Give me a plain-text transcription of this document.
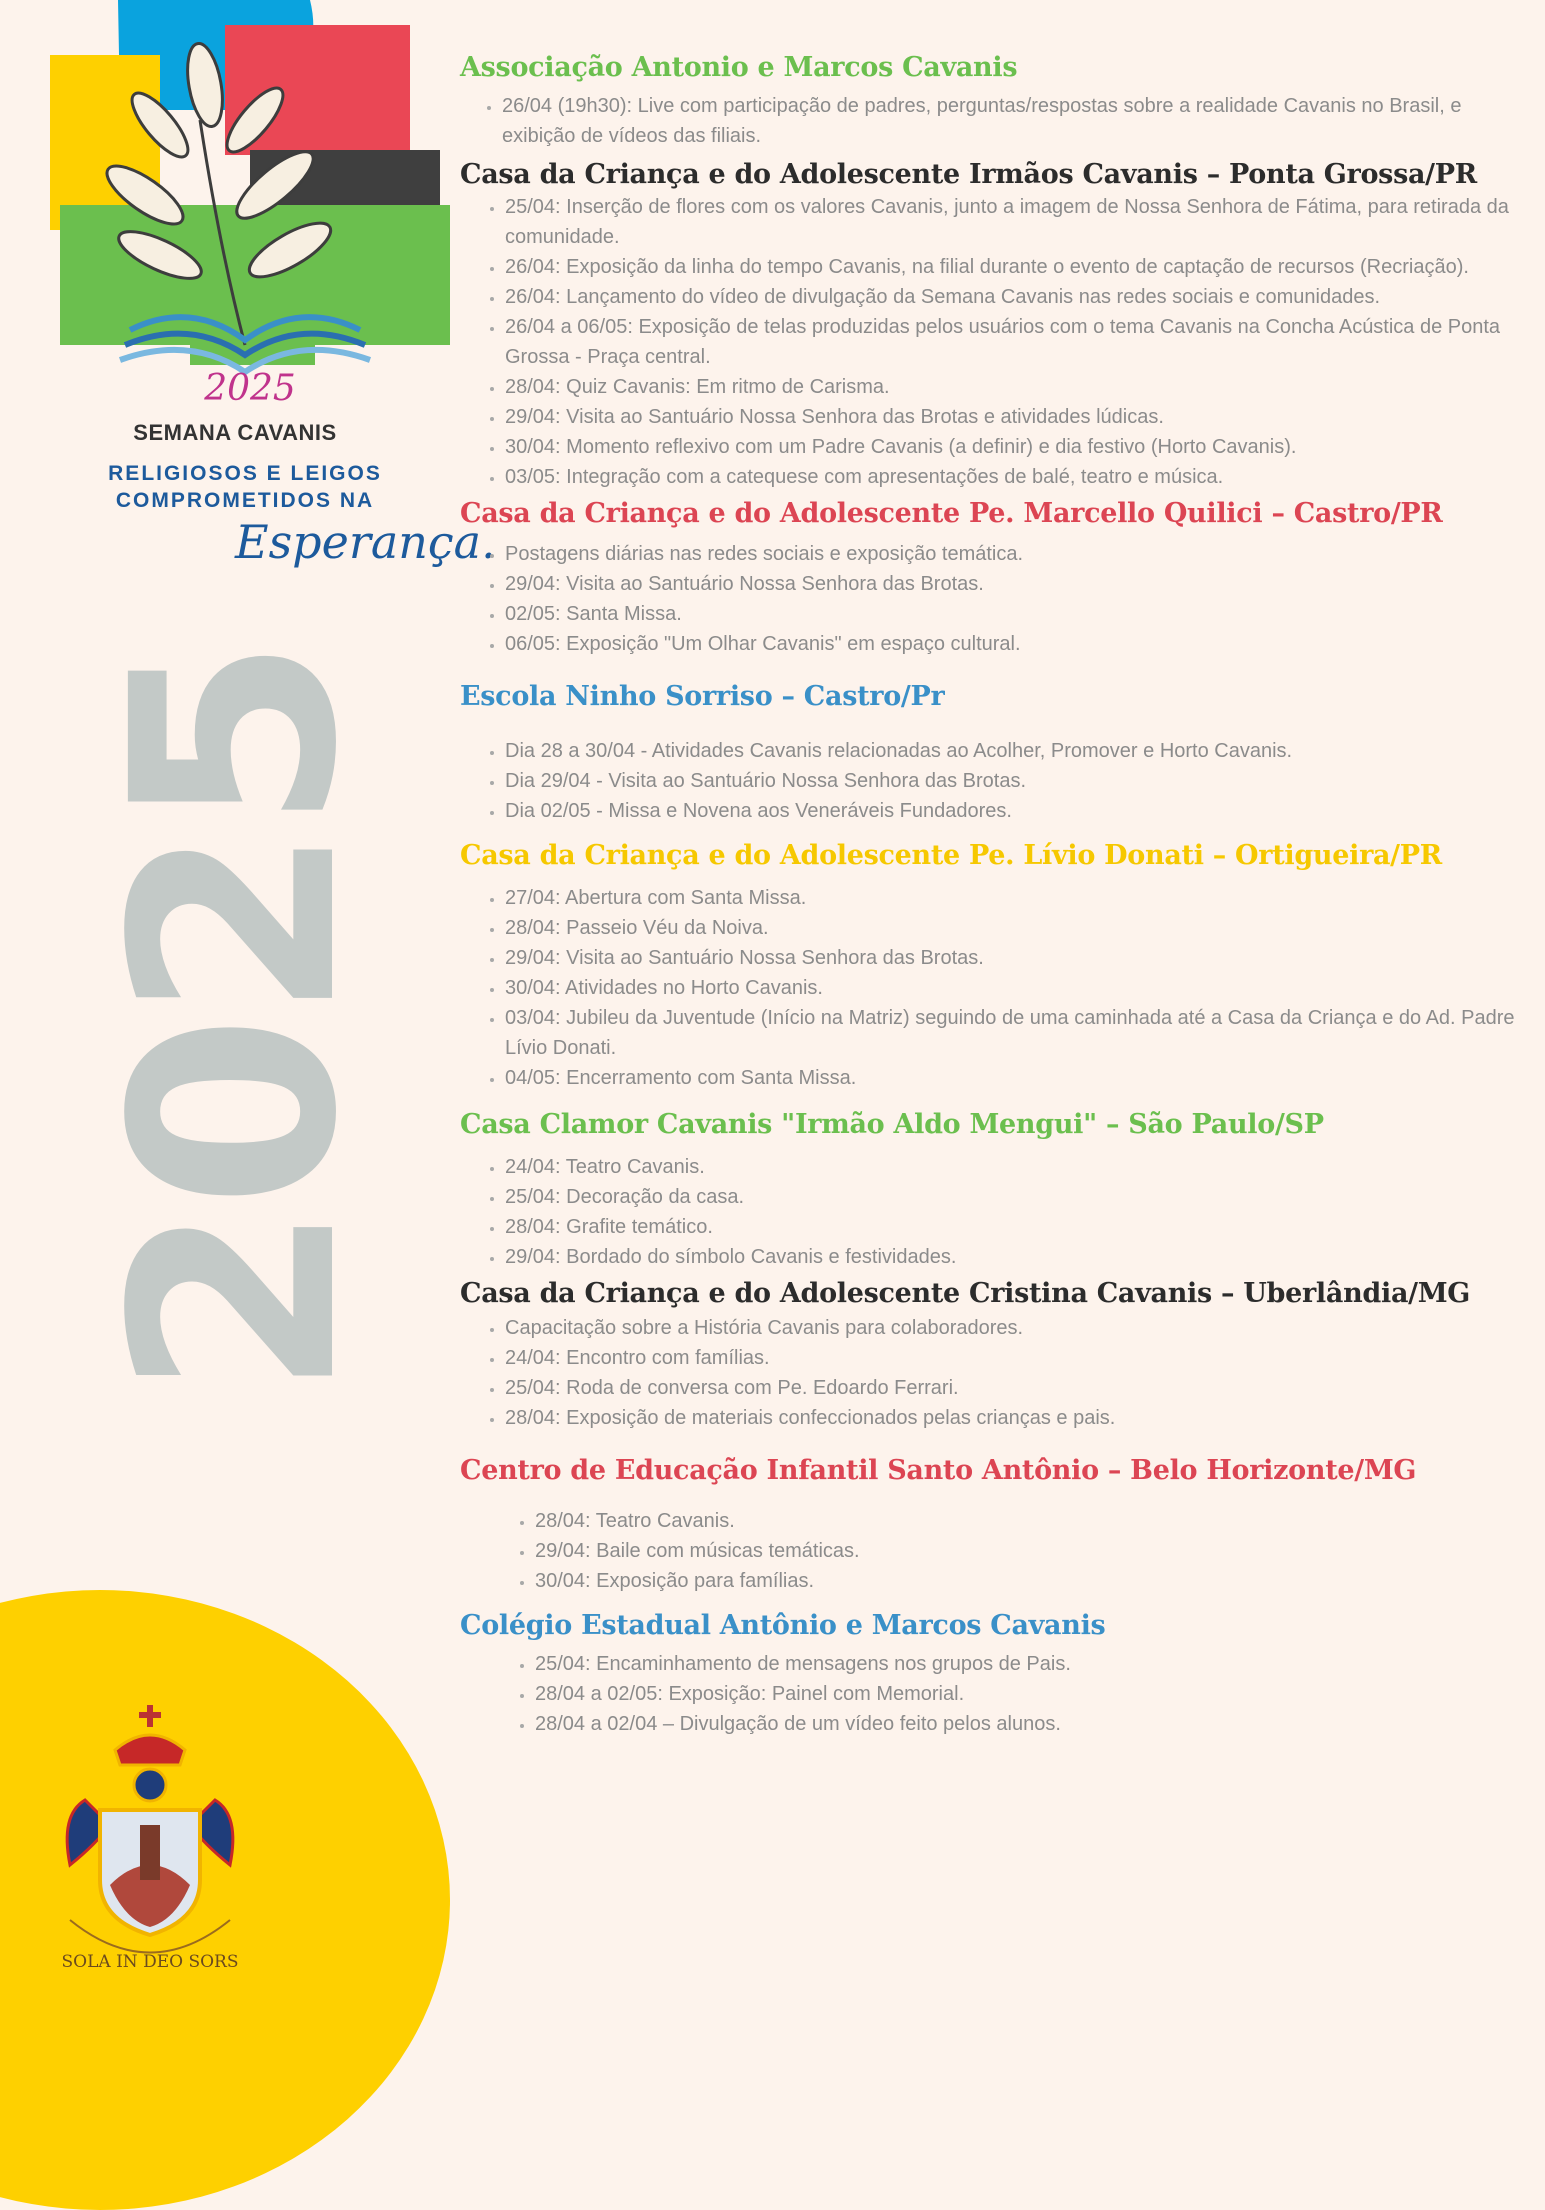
2025
SEMANA CAVANIS
RELIGIOSOS E LEIGOS
COMPROMETIDOS NA
Esperança.
2025
SOLA IN DEO SORS
Associação Antonio e Marcos Cavanis
• 26/04 (19h30): Live com participação de padres, perguntas/respostas sobre a realidade Cavanis no Brasil, e exibição de vídeos das filiais.
Casa da Criança e do Adolescente Irmãos Cavanis – Ponta Grossa/PR
• 25/04: Inserção de flores com os valores Cavanis, junto a imagem de Nossa Senhora de Fátima, para retirada da comunidade.
• 26/04: Exposição da linha do tempo Cavanis, na filial durante o evento de captação de recursos (Recriação).
• 26/04: Lançamento do vídeo de divulgação da Semana Cavanis nas redes sociais e comunidades.
• 26/04 a 06/05: Exposição de telas produzidas pelos usuários com o tema Cavanis na Concha Acústica de Ponta Grossa - Praça central.
• 28/04: Quiz Cavanis: Em ritmo de Carisma.
• 29/04: Visita ao Santuário Nossa Senhora das Brotas e atividades lúdicas.
• 30/04: Momento reflexivo com um Padre Cavanis (a definir) e dia festivo (Horto Cavanis).
• 03/05: Integração com a catequese com apresentações de balé, teatro e música.
Casa da Criança e do Adolescente Pe. Marcello Quilici – Castro/PR
• Postagens diárias nas redes sociais e exposição temática.
• 29/04: Visita ao Santuário Nossa Senhora das Brotas.
• 02/05: Santa Missa.
• 06/05: Exposição "Um Olhar Cavanis" em espaço cultural.
Escola Ninho Sorriso – Castro/Pr
• Dia 28 a 30/04 - Atividades Cavanis relacionadas ao Acolher, Promover e Horto Cavanis.
• Dia 29/04 - Visita ao Santuário Nossa Senhora das Brotas.
• Dia 02/05 - Missa e Novena aos Veneráveis Fundadores.
Casa da Criança e do Adolescente Pe. Lívio Donati – Ortigueira/PR
• 27/04: Abertura com Santa Missa.
• 28/04: Passeio Véu da Noiva.
• 29/04: Visita ao Santuário Nossa Senhora das Brotas.
• 30/04: Atividades no Horto Cavanis.
• 03/04: Jubileu da Juventude (Início na Matriz) seguindo de uma caminhada até a Casa da Criança e do Ad. Padre Lívio Donati.
• 04/05: Encerramento com Santa Missa.
Casa Clamor Cavanis "Irmão Aldo Mengui" – São Paulo/SP
• 24/04: Teatro Cavanis.
• 25/04: Decoração da casa.
• 28/04: Grafite temático.
• 29/04: Bordado do símbolo Cavanis e festividades.
Casa da Criança e do Adolescente Cristina Cavanis – Uberlândia/MG
• Capacitação sobre a História Cavanis para colaboradores.
• 24/04: Encontro com famílias.
• 25/04: Roda de conversa com Pe. Edoardo Ferrari.
• 28/04: Exposição de materiais confeccionados pelas crianças e pais.
Centro de Educação Infantil Santo Antônio – Belo Horizonte/MG
• 28/04: Teatro Cavanis.
• 29/04: Baile com músicas temáticas.
• 30/04: Exposição para famílias.
Colégio Estadual Antônio e Marcos Cavanis
• 25/04: Encaminhamento de mensagens nos grupos de Pais.
• 28/04 a 02/05: Exposição: Painel com Memorial.
• 28/04 a 02/04 – Divulgação de um vídeo feito pelos alunos.
